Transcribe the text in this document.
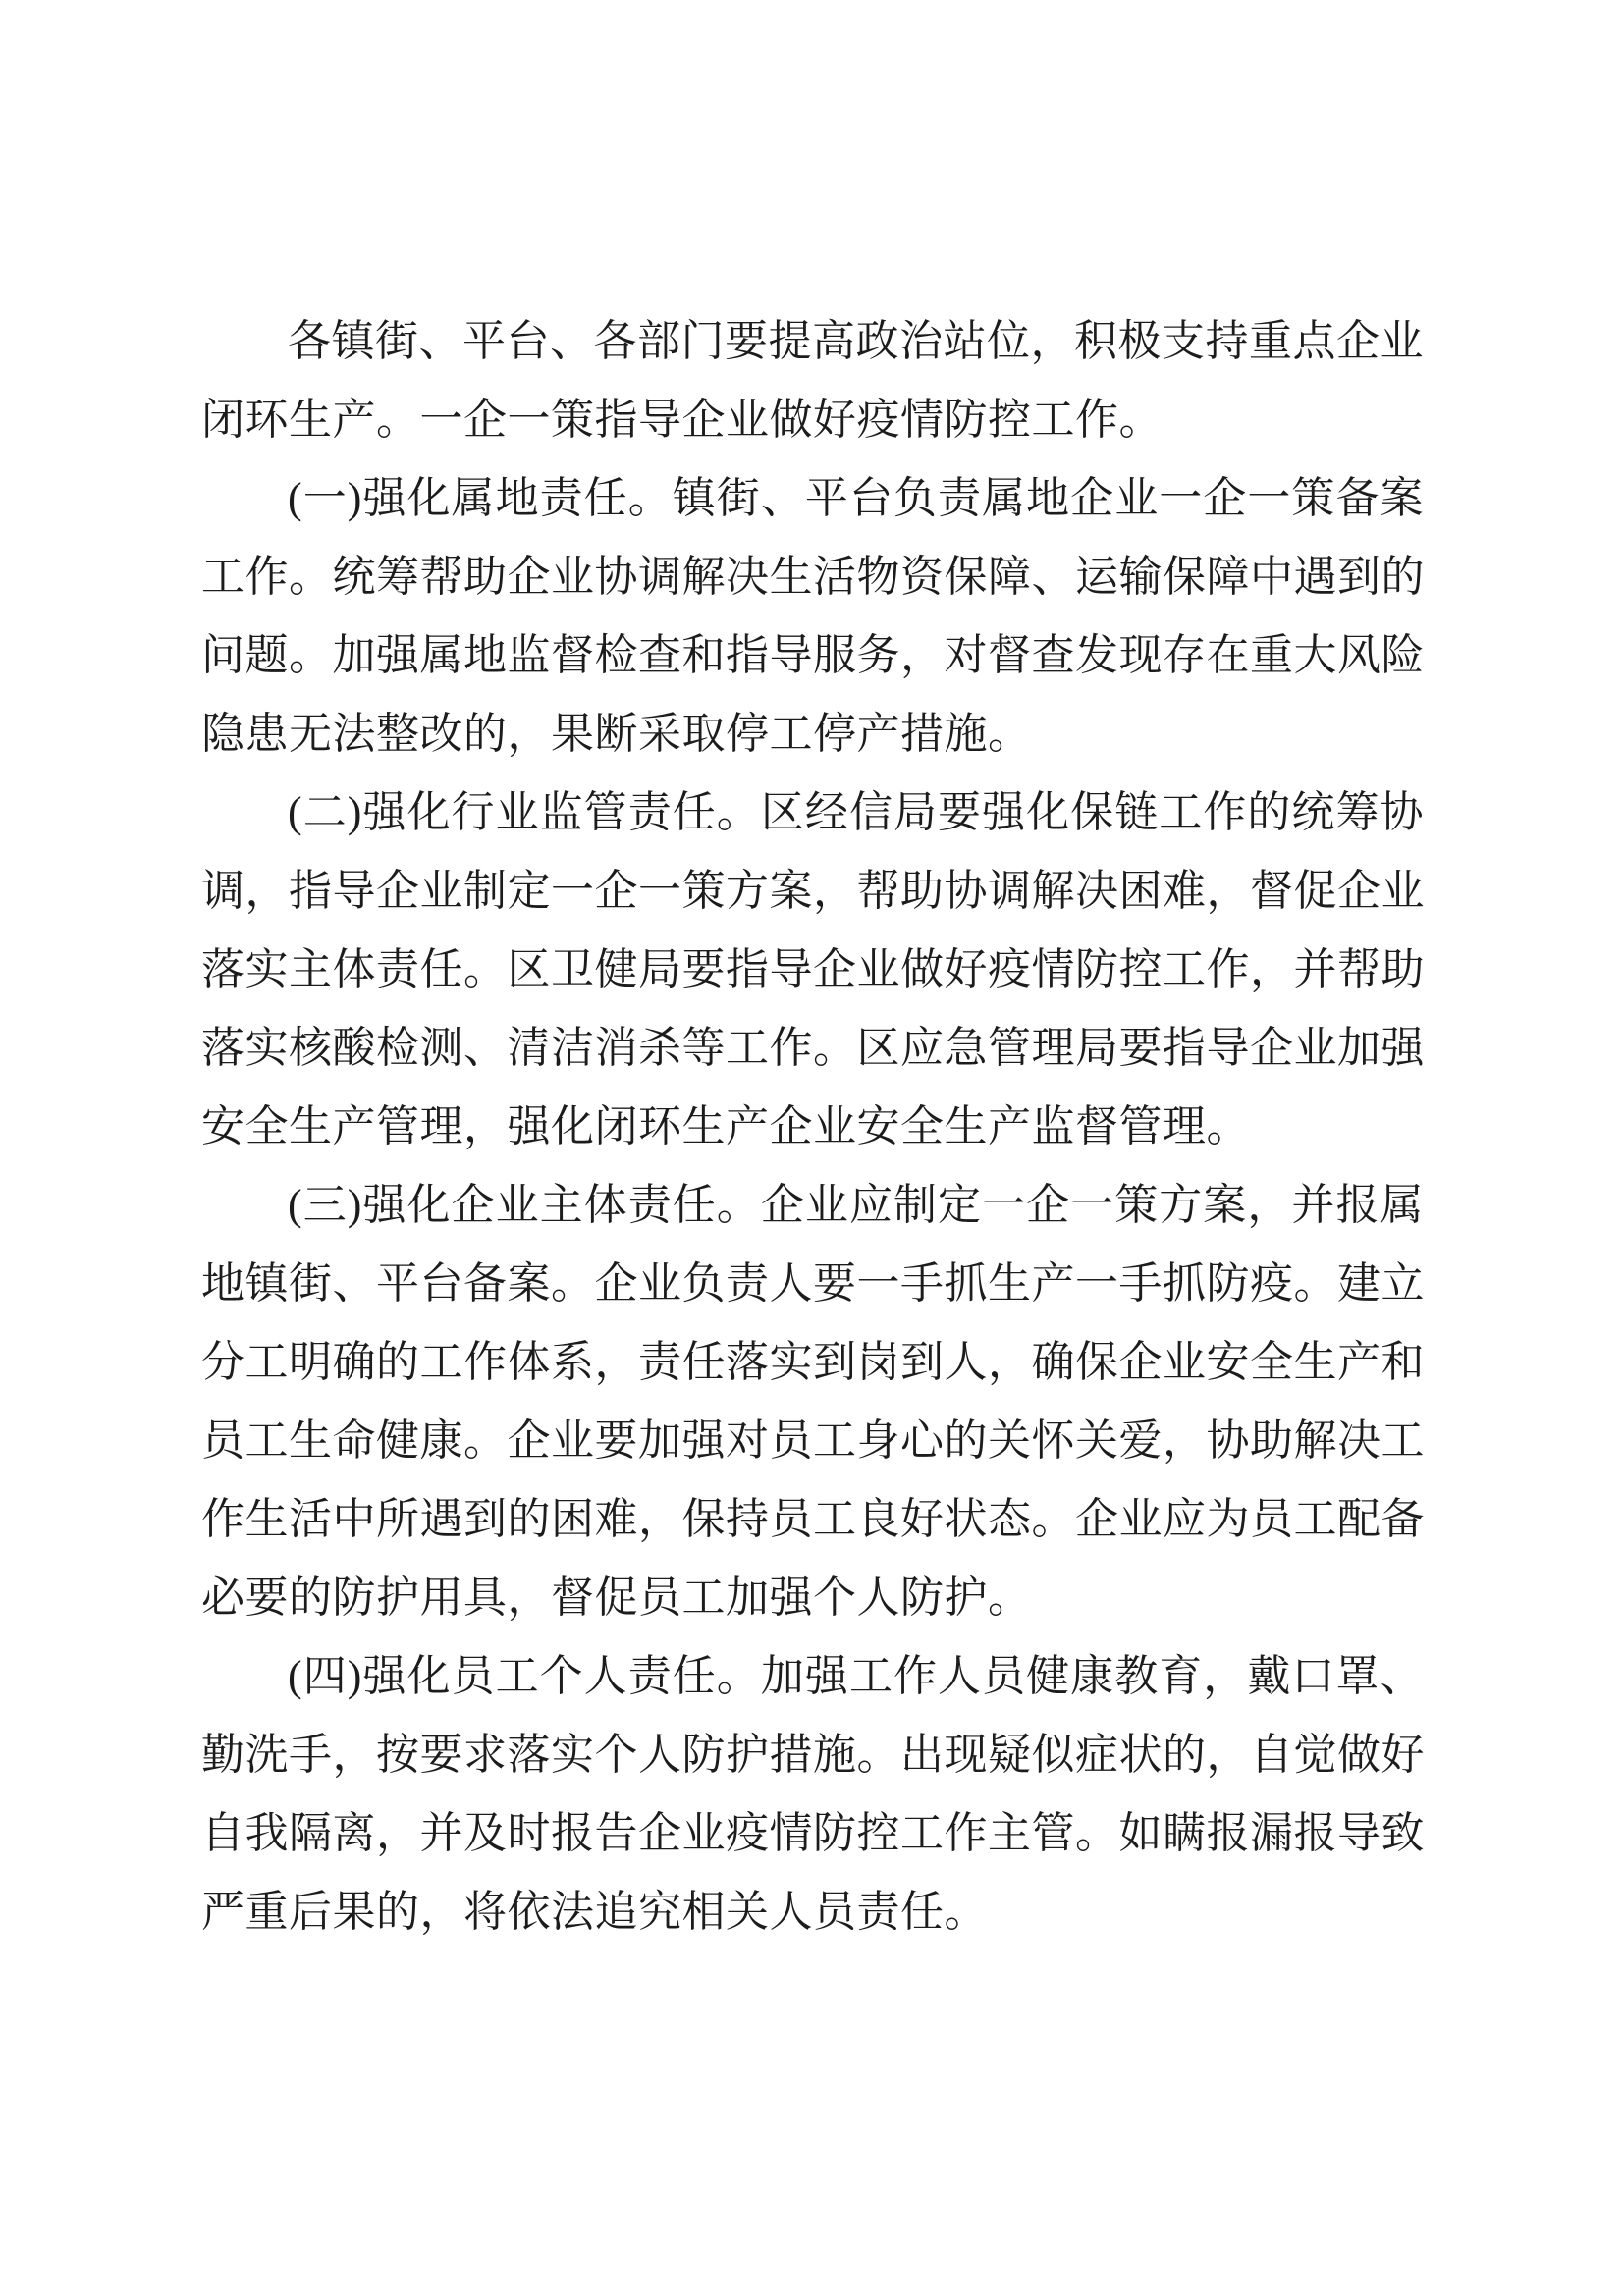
各镇街、平台、各部门要提高政治站位，积极支持重点企业
闭环生产。一企一策指导企业做好疫情防控工作。

(一)强化属地责任。镇街、平台负责属地企业一企一策备案
工作。统筹帮助企业协调解决生活物资保障、运输保障中遇到的
问题。加强属地监督检查和指导服务，对督查发现存在重大风险
隐患无法整改的，果断采取停工停产措施。

(二)强化行业监管责任。区经信局要强化保链工作的统筹协
调，指导企业制定一企一策方案，帮助协调解决困难，督促企业
落实主体责任。区卫健局要指导企业做好疫情防控工作，并帮助
落实核酸检测、清洁消杀等工作。区应急管理局要指导企业加强
安全生产管理，强化闭环生产企业安全生产监督管理。

(三)强化企业主体责任。企业应制定一企一策方案，并报属
地镇街、平台备案。企业负责人要一手抓生产一手抓防疫。建立
分工明确的工作体系，责任落实到岗到人，确保企业安全生产和
员工生命健康。企业要加强对员工身心的关怀关爱，协助解决工
作生活中所遇到的困难，保持员工良好状态。企业应为员工配备
必要的防护用具，督促员工加强个人防护。

(四)强化员工个人责任。加强工作人员健康教育，戴口罩、
勤洗手，按要求落实个人防护措施。出现疑似症状的，自觉做好
自我隔离，并及时报告企业疫情防控工作主管。如瞒报漏报导致
严重后果的，将依法追究相关人员责任。
